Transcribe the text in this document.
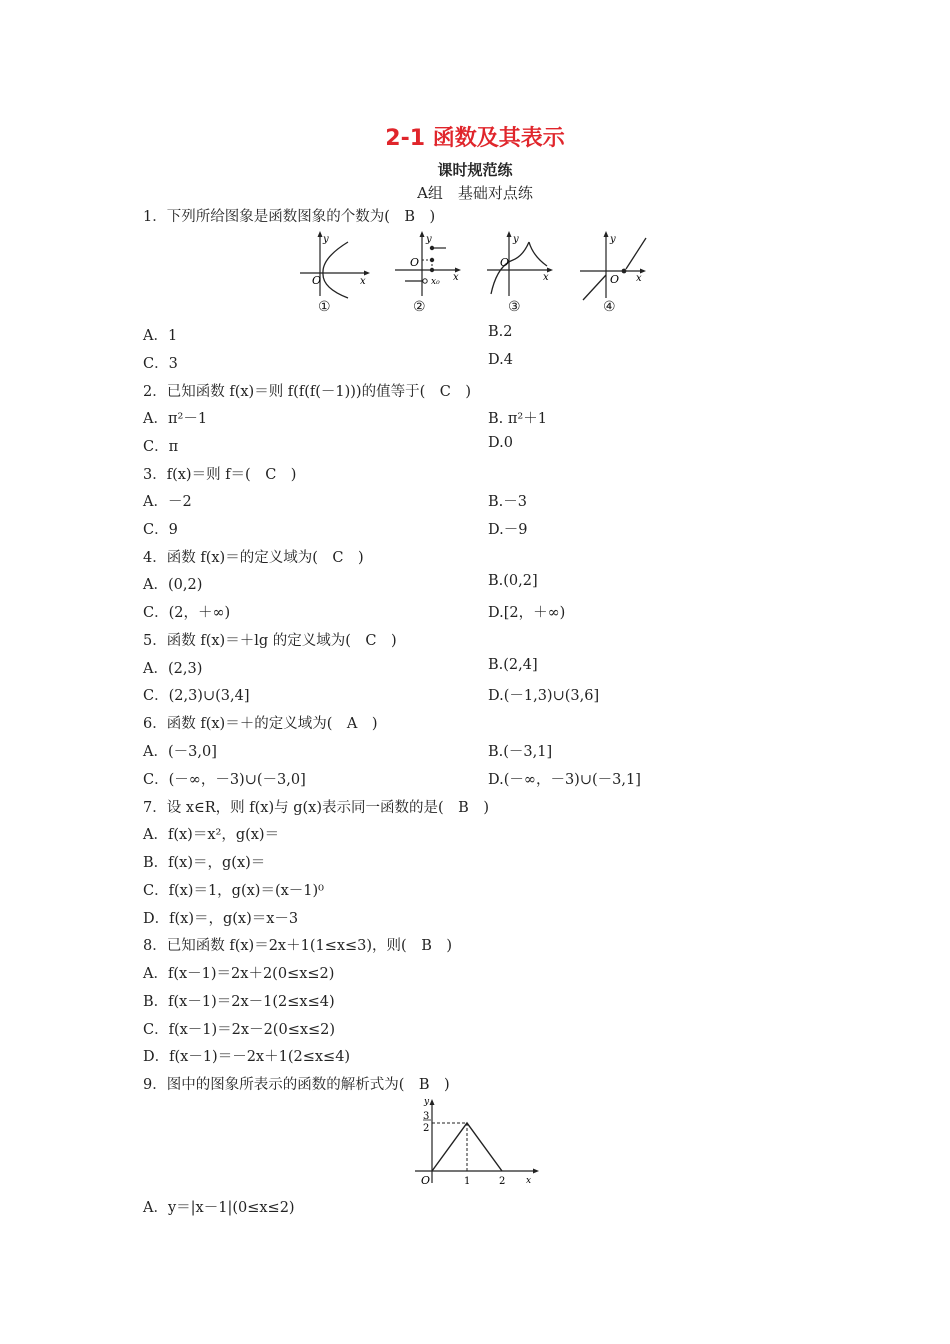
2-1 函数及其表示
课时规范练
A组　基础对点练
1．下列所给图象是函数图象的个数为(　B　)
y
O	x
①
y
O
x₀ x
②
y
O
x
③
y
O x
④
A．1	B.2
C．3	D.4
2．已知函数 f(x)＝则 f(f(f(－1)))的值等于(　C　)
A．π²－1	B. π²＋1
C．π	D.0
3．f(x)＝则 f＝(　C　)
A．－2	B.－3
C．9	D.－9
4．函数 f(x)＝的定义域为(　C　)
A．(0,2)	B.(0,2]
C．(2，＋∞)	D.[2，＋∞)
5．函数 f(x)＝＋lg 的定义域为(　C　)
A．(2,3)	B.(2,4]
C．(2,3)∪(3,4]	D.(－1,3)∪(3,6]
6．函数 f(x)＝＋的定义域为(　A　)
A．(－3,0]	B.(－3,1]
C．(－∞，－3)∪(－3,0]	D.(－∞，－3)∪(－3,1]
7．设 x∈R，则 f(x)与 g(x)表示同一函数的是(　B　)
A．f(x)＝x²，g(x)＝
B．f(x)＝，g(x)＝
C．f(x)＝1，g(x)＝(x－1)⁰
D．f(x)＝，g(x)＝x－3
8．已知函数 f(x)＝2x＋1(1≤x≤3)，则(　B　)
A．f(x－1)＝2x＋2(0≤x≤2)
B．f(x－1)＝2x－1(2≤x≤4)
C．f(x－1)＝2x－2(0≤x≤2)
D．f(x－1)＝－2x＋1(2≤x≤4)
9．图中的图象所表示的函数的解析式为(　B　)
y
3
2
O	1	2 x
A．y＝|x－1|(0≤x≤2)
